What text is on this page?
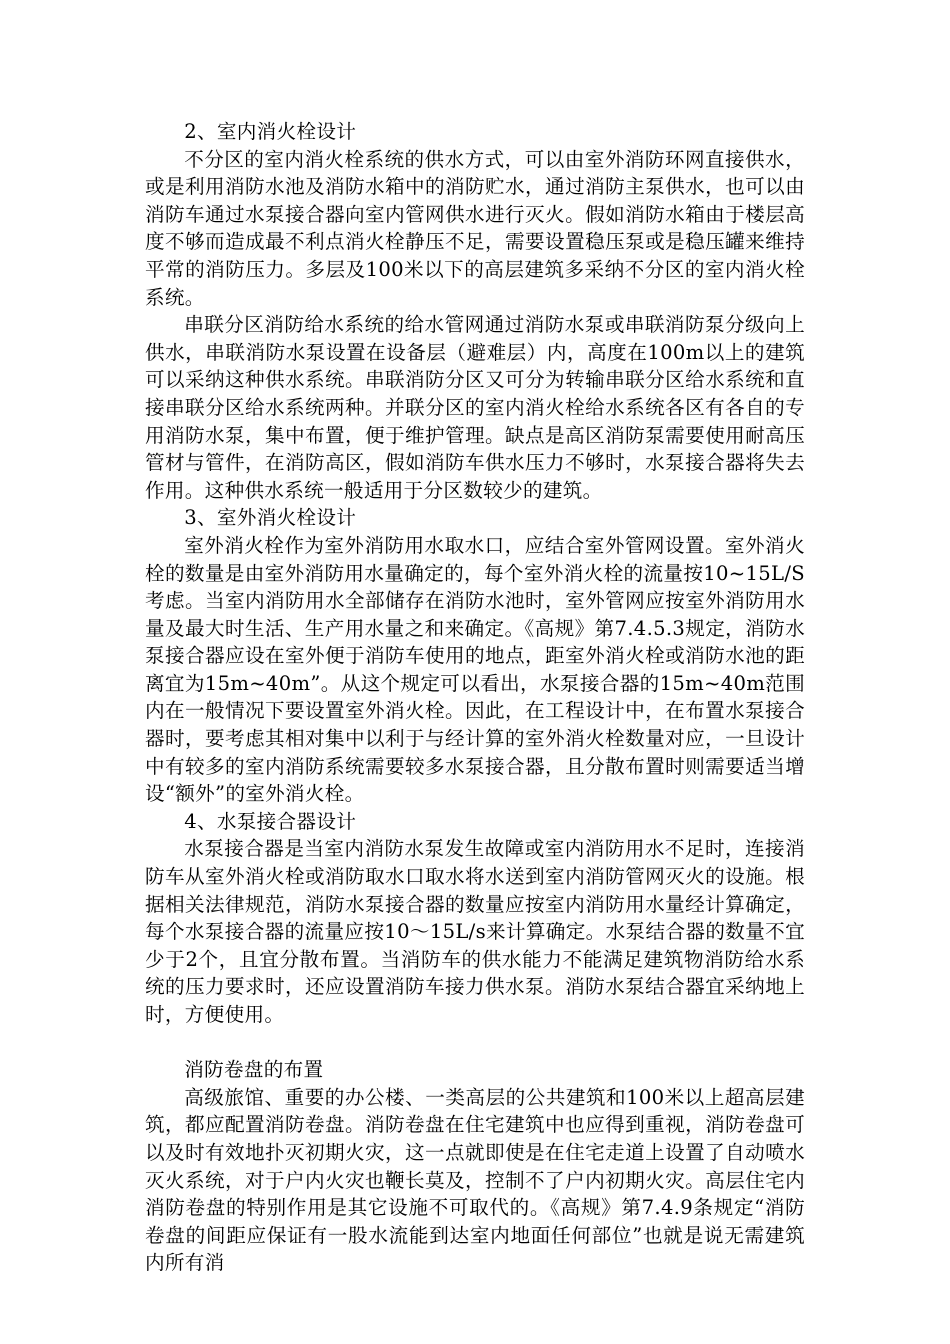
2、室内消火栓设计

不分区的室内消火栓系统的供水方式，可以由室外消防环网直接供水，或是利用消防水池及消防水箱中的消防贮水，通过消防主泵供水，也可以由消防车通过水泵接合器向室内管网供水进行灭火。假如消防水箱由于楼层高度不够而造成最不利点消火栓静压不足，需要设置稳压泵或是稳压罐来维持平常的消防压力。多层及100米以下的高层建筑多采纳不分区的室内消火栓系统。

串联分区消防给水系统的给水管网通过消防水泵或串联消防泵分级向上供水，串联消防水泵设置在设备层（避难层）内，高度在100m以上的建筑可以采纳这种供水系统。串联消防分区又可分为转输串联分区给水系统和直接串联分区给水系统两种。并联分区的室内消火栓给水系统各区有各自的专用消防水泵，集中布置，便于维护管理。缺点是高区消防泵需要使用耐高压管材与管件，在消防高区，假如消防车供水压力不够时，水泵接合器将失去作用。这种供水系统一般适用于分区数较少的建筑。

3、室外消火栓设计

室外消火栓作为室外消防用水取水口，应结合室外管网设置。室外消火栓的数量是由室外消防用水量确定的，每个室外消火栓的流量按10~15L/S考虑。当室内消防用水全部储存在消防水池时，室外管网应按室外消防用水量及最大时生活、生产用水量之和来确定。《高规》第7.4.5.3规定，消防水泵接合器应设在室外便于消防车使用的地点，距室外消火栓或消防水池的距离宜为15m~40m”。从这个规定可以看出，水泵接合器的15m~40m范围内在一般情况下要设置室外消火栓。因此，在工程设计中，在布置水泵接合器时，要考虑其相对集中以利于与经计算的室外消火栓数量对应，一旦设计中有较多的室内消防系统需要较多水泵接合器，且分散布置时则需要适当增设“额外”的室外消火栓。

4、水泵接合器设计

水泵接合器是当室内消防水泵发生故障或室内消防用水不足时，连接消防车从室外消火栓或消防取水口取水将水送到室内消防管网灭火的设施。根据相关法律规范，消防水泵接合器的数量应按室内消防用水量经计算确定，每个水泵接合器的流量应按10～15L/s来计算确定。水泵结合器的数量不宜少于2个，且宜分散布置。当消防车的供水能力不能满足建筑物消防给水系统的压力要求时，还应设置消防车接力供水泵。消防水泵结合器宜采纳地上时，方便使用。

消防卷盘的布置

高级旅馆、重要的办公楼、一类高层的公共建筑和100米以上超高层建筑，都应配置消防卷盘。消防卷盘在住宅建筑中也应得到重视，消防卷盘可以及时有效地扑灭初期火灾，这一点就即使是在住宅走道上设置了自动喷水灭火系统，对于户内火灾也鞭长莫及，控制不了户内初期火灾。高层住宅内消防卷盘的特别作用是其它设施不可取代的。《高规》第7.4.9条规定“消防卷盘的间距应保证有一股水流能到达室内地面任何部位”也就是说无需建筑内所有消
